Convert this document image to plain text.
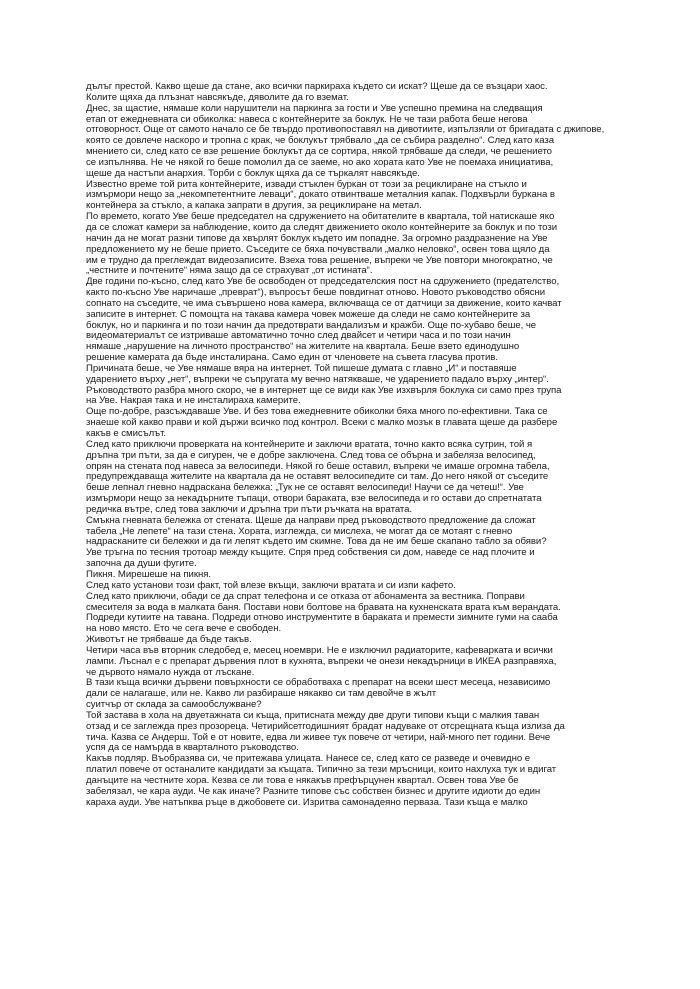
дълъг престой. Какво щеше да стане, ако всички паркираха където си искат? Щеше да се възцари хаос.
Колите щяха да плъзнат навсякъде, дяволите да го вземат.
Днес, за щастие, нямаше коли нарушители на паркинга за гости и Уве успешно премина на следващия
етап от ежедневната си обиколка: навеса с контейнерите за боклук. Не че тази работа беше негова
отговорност. Още от самото начало се бе твърдо противопоставял на дивотиите, изпълзяли от бригадата с джипове,
която се довлече наскоро и тропна с крак, че боклукът трябвало „да се събира разделно“. След като каза
мнението си, след като се взе решение боклукът да се сортира, някой трябваше да следи, че решението
се изпълнява. Не че някой го беше помолил да се заеме, но ако хората като Уве не поемаха инициатива,
щеше да настъпи анархия. Торби с боклук щяха да се търкалят навсякъде.
Известно време той рита контейнерите, извади стъклен буркан от този за рециклиране на стъкло и
измърмори нещо за „некомпетентните леваци“, докато отвинтваше металния капак. Подхвърли буркана в
контейнера за стъкло, а капака запрати в другия, за рециклиране на метал.
По времето, когато Уве беше председател на сдружението на обитателите в квартала, той натискаше яко
да се сложат камери за наблюдение, които да следят движението около контейнерите за боклук и по този
начин да не могат разни типове да хвърлят боклук където им попадне. За огромно раздразнение на Уве
предложението му не беше прието. Съседите се бяха почувствали „малко неловко“, освен това щяло да
им е трудно да преглеждат видеозаписите. Взеха това решение, въпреки че Уве повтори многократно, че
„честните и почтените“ няма защо да се страхуват „от истината“.
Две години по-късно, след като Уве бе освободен от председателския пост на сдружението (предателство,
както по-късно Уве наричаше „преврат“), въпросът беше повдигнат отново. Новото ръководство обясни
сопнато на съседите, че има съвършено нова камера, включваща се от датчици за движение, които качват
записите в интернет. С помощта на такава камера човек можеше да следи не само контейнерите за
боклук, но и паркинга и по този начин да предотврати вандализъм и кражби. Още по-хубаво беше, че
видеоматериалът се изтриваше автоматично точно след двайсет и четири часа и по този начин
нямаше „нарушение на личното пространство“ на жителите на квартала. Беше взето единодушно
решение камерата да бъде инсталирана. Само един от членовете на съвета гласува против.
Причината беше, че Уве нямаше вяра на интернет. Той пишеше думата с главно „И“ и поставяше
ударението върху „нет“, въпреки че съпругата му вечно натякваше, че ударението падало върху „интер“.
Ръководството разбра много скоро, че в интернет ще се види как Уве изхвърля боклука си само през трупа
на Уве. Накрая така и не инсталираха камерите.
Още по-добре, разсъждаваше Уве. И без това ежедневните обиколки бяха много по-ефективни. Така се
знаеше кой какво прави и кой държи всичко под контрол. Всеки с малко мозък в главата щеше да разбере
какъв е смисълът.
След като приключи проверката на контейнерите и заключи вратата, точно както всяка сутрин, той я
дръпна три пъти, за да е сигурен, че е добре заключена. След това се обърна и забеляза велосипед,
опрян на стената под навеса за велосипеди. Някой го беше оставил, въпреки че имаше огромна табела,
предупреждаваща жителите на квартала да не оставят велосипедите си там. До него някой от съседите
беше лепнал гневно надраскана бележка: „Тук не се оставят велосипеди! Научи се да четеш!“. Уве
измърмори нещо за некадърните тъпаци, отвори бараката, взе велосипеда и го остави до спретнатата
редичка вътре, след това заключи и дръпна три пъти ръчката на вратата.
Смъкна гневната бележка от стената. Щеше да направи пред ръководството предложение да сложат
табела „Не лепете“ на тази стена. Хората, изглежда, си мислеха, че могат да се мотаят с гневно
надрасканите си бележки и да ги лепят където им скимне. Това да не им беше скапано табло за обяви?
Уве тръгна по тесния тротоар между къщите. Спря пред собствения си дом, наведе се над плочите и
започна да души фугите.
Пикня. Мирешеше на пикня.
След като установи този факт, той влезе вкъщи, заключи вратата и си изпи кафето.
След като приключи, обади се да спрат телефона и се отказа от абонамента за вестника. Поправи
смесителя за вода в малката баня. Постави нови болтове на бравата на кухненската врата към верандата.
Подреди кутиите на тавана. Подреди отново инструментите в бараката и премести зимните гуми на сааба
на ново място. Ето че сега вече е свободен.
Животът не трябваше да бъде такъв.
Четири часа във вторник следобед е, месец ноември. Не е изключил радиаторите, кафеварката и всички
лампи. Лъснал е с препарат дървения плот в кухнята, въпреки че онези некадърници в ИКЕА разправяха,
че дървото нямало нужда от лъскане.
В тази къща всички дървени повърхности се обработваха с препарат на всеки шест месеца, независимо
дали се налагаше, или не. Какво ли разбираше някакво си там девойче в жълт
суитчър от склада за самообслужване?
Той застава в хола на двуетажната си къща, притисната между две други типови къщи с малкия таван
отзад и се заглежда през прозореца. Четирийсетгодишният брадат надуваке от отсрещната къща излиза да
тича. Казва се Андерш. Той е от новите, едва ли живее тук повече от четири, най-много пет години. Вече
успя да се намърда в кварталното ръководство.
Какъв подляр. Въобразява си, че притежава улицата. Нанесе се, след като се разведе и очевидно е
платил повече от останалите кандидати за къщата. Типично за тези мръсници, които нахлуха тук и вдигат
данъците на честните хора. Кезва се ли това е някакъв префърцунен квартал. Освен това Уве бе
забелязал, че кара ауди. Че как иначе? Разните типове със собствен бизнес и другите идиоти до един
караха ауди. Уве натъпква ръце в джобовете си. Изритва самонадеяно перваза. Тази къща е малко
